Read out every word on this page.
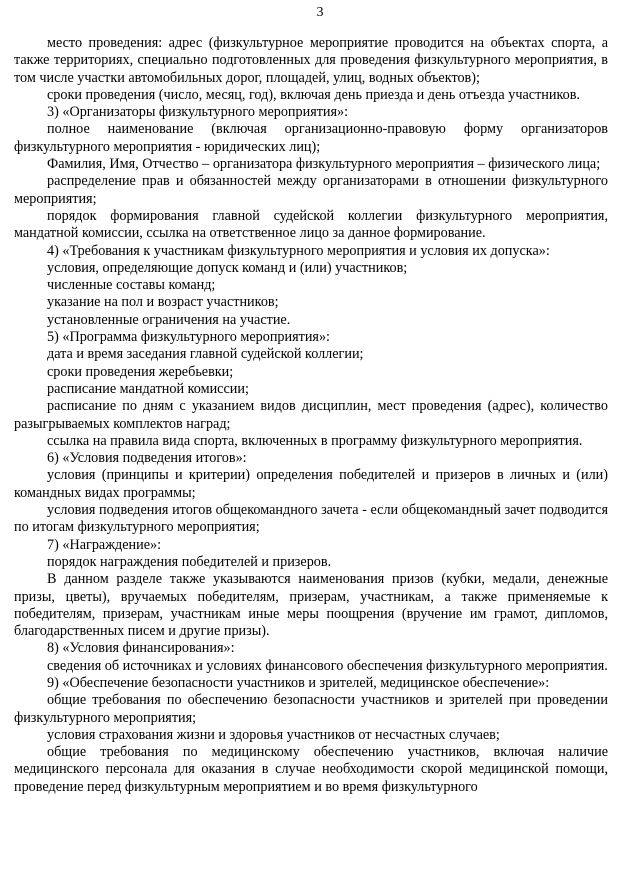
3

место проведения: адрес (физкультурное мероприятие проводится на объектах спорта, а также территориях, специально подготовленных для проведения физкультурного мероприятия, в том числе участки автомобильных дорог, площадей, улиц, водных объектов);

сроки проведения (число, месяц, год), включая день приезда и день отъезда участников.

3) «Организаторы физкультурного мероприятия»:

полное наименование (включая организационно-правовую форму организаторов физкультурного мероприятия - юридических лиц);

Фамилия, Имя, Отчество – организатора физкультурного мероприятия – физического лица;

распределение прав и обязанностей между организаторами в отношении физкультурного мероприятия;

порядок формирования главной судейской коллегии физкультурного мероприятия, мандатной комиссии, ссылка на ответственное лицо за данное формирование.

4) «Требования к участникам физкультурного мероприятия и условия их допуска»:

условия, определяющие допуск команд и (или) участников;

численные составы команд;

указание на пол и возраст участников;

установленные ограничения на участие.

5) «Программа физкультурного мероприятия»:

дата и время заседания главной судейской коллегии;

сроки проведения жеребьевки;

расписание мандатной комиссии;

расписание по дням с указанием видов дисциплин, мест проведения (адрес), количество разыгрываемых комплектов наград;

ссылка на правила вида спорта, включенных в программу физкультурного мероприятия.

6) «Условия подведения итогов»:

условия (принципы и критерии) определения победителей и призеров в личных и (или) командных видах программы;

условия подведения итогов общекомандного зачета - если общекомандный зачет подводится по итогам физкультурного мероприятия;

7) «Награждение»:

порядок награждения победителей и призеров.

В данном разделе также указываются наименования призов (кубки, медали, денежные призы, цветы), вручаемых победителям, призерам, участникам, а также применяемые к победителям, призерам, участникам иные меры поощрения (вручение им грамот, дипломов, благодарственных писем и другие призы).

8) «Условия финансирования»:

сведения об источниках и условиях финансового обеспечения физкультурного мероприятия.

9) «Обеспечение безопасности участников и зрителей, медицинское обеспечение»:

общие требования по обеспечению безопасности участников и зрителей при проведении физкультурного мероприятия;

условия страхования жизни и здоровья участников от несчастных случаев;

общие требования по медицинскому обеспечению участников, включая наличие медицинского персонала для оказания в случае необходимости скорой медицинской помощи, проведение перед физкультурным мероприятием и во время физкультурного
